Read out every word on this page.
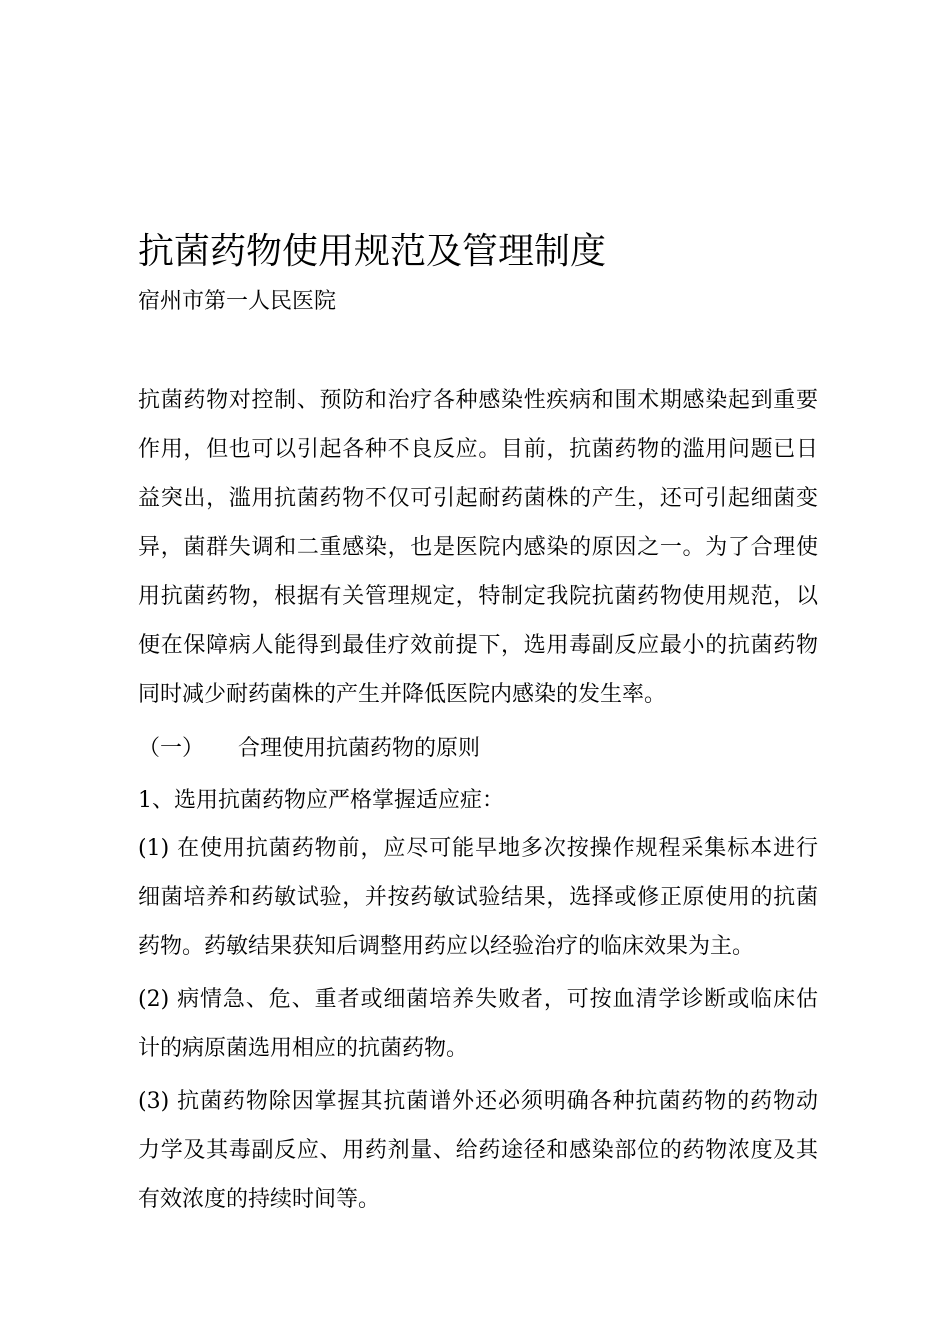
抗菌药物使用规范及管理制度
宿州市第一人民医院
抗菌药物对控制、预防和治疗各种感染性疾病和围术期感染起到重要
作用，但也可以引起各种不良反应。目前，抗菌药物的滥用问题已日
益突出，滥用抗菌药物不仅可引起耐药菌株的产生，还可引起细菌变
异，菌群失调和二重感染，也是医院内感染的原因之一。为了合理使
用抗菌药物，根据有关管理规定，特制定我院抗菌药物使用规范，以
便在保障病人能得到最佳疗效前提下，选用毒副反应最小的抗菌药物
同时减少耐药菌株的产生并降低医院内感染的发生率。
（一） 合理使用抗菌药物的原则
1、选用抗菌药物应严格掌握适应症：
(1) 在使用抗菌药物前，应尽可能早地多次按操作规程采集标本进行
细菌培养和药敏试验，并按药敏试验结果，选择或修正原使用的抗菌
药物。药敏结果获知后调整用药应以经验治疗的临床效果为主。
(2) 病情急、危、重者或细菌培养失败者，可按血清学诊断或临床估
计的病原菌选用相应的抗菌药物。
(3) 抗菌药物除因掌握其抗菌谱外还必须明确各种抗菌药物的药物动
力学及其毒副反应、用药剂量、给药途径和感染部位的药物浓度及其
有效浓度的持续时间等。
